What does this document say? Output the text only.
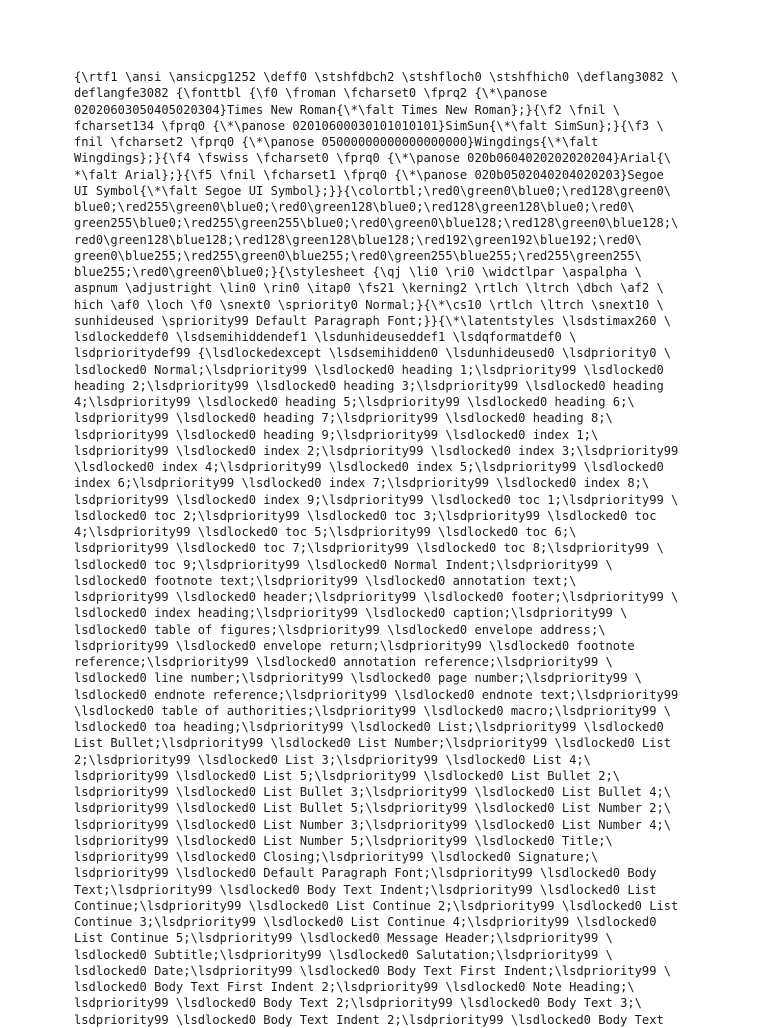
{\rtf1 \ansi \ansicpg1252 \deff0 \stshfdbch2 \stshfloch0 \stshfhich0 \deflang3082 \
deflangfe3082 {\fonttbl {\f0 \froman \fcharset0 \fprq2 {\*\panose
02020603050405020304}Times New Roman{\*\falt Times New Roman};}{\f2 \fnil \
fcharset134 \fprq0 {\*\panose 02010600030101010101}SimSun{\*\falt SimSun};}{\f3 \
fnil \fcharset2 \fprq0 {\*\panose 05000000000000000000}Wingdings{\*\falt
Wingdings};}{\f4 \fswiss \fcharset0 \fprq0 {\*\panose 020b0604020202020204}Arial{\
*\falt Arial};}{\f5 \fnil \fcharset1 \fprq0 {\*\panose 020b0502040204020203}Segoe
UI Symbol{\*\falt Segoe UI Symbol};}}{\colortbl;\red0\green0\blue0;\red128\green0\
blue0;\red255\green0\blue0;\red0\green128\blue0;\red128\green128\blue0;\red0\
green255\blue0;\red255\green255\blue0;\red0\green0\blue128;\red128\green0\blue128;\
red0\green128\blue128;\red128\green128\blue128;\red192\green192\blue192;\red0\
green0\blue255;\red255\green0\blue255;\red0\green255\blue255;\red255\green255\
blue255;\red0\green0\blue0;}{\stylesheet {\qj \li0 \ri0 \widctlpar \aspalpha \
aspnum \adjustright \lin0 \rin0 \itap0 \fs21 \kerning2 \rtlch \ltrch \dbch \af2 \
hich \af0 \loch \f0 \snext0 \spriority0 Normal;}{\*\cs10 \rtlch \ltrch \snext10 \
sunhideused \spriority99 Default Paragraph Font;}}{\*\latentstyles \lsdstimax260 \
lsdlockeddef0 \lsdsemihiddendef1 \lsdunhideuseddef1 \lsdqformatdef0 \
lsdprioritydef99 {\lsdlockedexcept \lsdsemihidden0 \lsdunhideused0 \lsdpriority0 \
lsdlocked0 Normal;\lsdpriority99 \lsdlocked0 heading 1;\lsdpriority99 \lsdlocked0
heading 2;\lsdpriority99 \lsdlocked0 heading 3;\lsdpriority99 \lsdlocked0 heading
4;\lsdpriority99 \lsdlocked0 heading 5;\lsdpriority99 \lsdlocked0 heading 6;\
lsdpriority99 \lsdlocked0 heading 7;\lsdpriority99 \lsdlocked0 heading 8;\
lsdpriority99 \lsdlocked0 heading 9;\lsdpriority99 \lsdlocked0 index 1;\
lsdpriority99 \lsdlocked0 index 2;\lsdpriority99 \lsdlocked0 index 3;\lsdpriority99
\lsdlocked0 index 4;\lsdpriority99 \lsdlocked0 index 5;\lsdpriority99 \lsdlocked0
index 6;\lsdpriority99 \lsdlocked0 index 7;\lsdpriority99 \lsdlocked0 index 8;\
lsdpriority99 \lsdlocked0 index 9;\lsdpriority99 \lsdlocked0 toc 1;\lsdpriority99 \
lsdlocked0 toc 2;\lsdpriority99 \lsdlocked0 toc 3;\lsdpriority99 \lsdlocked0 toc
4;\lsdpriority99 \lsdlocked0 toc 5;\lsdpriority99 \lsdlocked0 toc 6;\
lsdpriority99 \lsdlocked0 toc 7;\lsdpriority99 \lsdlocked0 toc 8;\lsdpriority99 \
lsdlocked0 toc 9;\lsdpriority99 \lsdlocked0 Normal Indent;\lsdpriority99 \
lsdlocked0 footnote text;\lsdpriority99 \lsdlocked0 annotation text;\
lsdpriority99 \lsdlocked0 header;\lsdpriority99 \lsdlocked0 footer;\lsdpriority99 \
lsdlocked0 index heading;\lsdpriority99 \lsdlocked0 caption;\lsdpriority99 \
lsdlocked0 table of figures;\lsdpriority99 \lsdlocked0 envelope address;\
lsdpriority99 \lsdlocked0 envelope return;\lsdpriority99 \lsdlocked0 footnote
reference;\lsdpriority99 \lsdlocked0 annotation reference;\lsdpriority99 \
lsdlocked0 line number;\lsdpriority99 \lsdlocked0 page number;\lsdpriority99 \
lsdlocked0 endnote reference;\lsdpriority99 \lsdlocked0 endnote text;\lsdpriority99
\lsdlocked0 table of authorities;\lsdpriority99 \lsdlocked0 macro;\lsdpriority99 \
lsdlocked0 toa heading;\lsdpriority99 \lsdlocked0 List;\lsdpriority99 \lsdlocked0
List Bullet;\lsdpriority99 \lsdlocked0 List Number;\lsdpriority99 \lsdlocked0 List
2;\lsdpriority99 \lsdlocked0 List 3;\lsdpriority99 \lsdlocked0 List 4;\
lsdpriority99 \lsdlocked0 List 5;\lsdpriority99 \lsdlocked0 List Bullet 2;\
lsdpriority99 \lsdlocked0 List Bullet 3;\lsdpriority99 \lsdlocked0 List Bullet 4;\
lsdpriority99 \lsdlocked0 List Bullet 5;\lsdpriority99 \lsdlocked0 List Number 2;\
lsdpriority99 \lsdlocked0 List Number 3;\lsdpriority99 \lsdlocked0 List Number 4;\
lsdpriority99 \lsdlocked0 List Number 5;\lsdpriority99 \lsdlocked0 Title;\
lsdpriority99 \lsdlocked0 Closing;\lsdpriority99 \lsdlocked0 Signature;\
lsdpriority99 \lsdlocked0 Default Paragraph Font;\lsdpriority99 \lsdlocked0 Body
Text;\lsdpriority99 \lsdlocked0 Body Text Indent;\lsdpriority99 \lsdlocked0 List
Continue;\lsdpriority99 \lsdlocked0 List Continue 2;\lsdpriority99 \lsdlocked0 List
Continue 3;\lsdpriority99 \lsdlocked0 List Continue 4;\lsdpriority99 \lsdlocked0
List Continue 5;\lsdpriority99 \lsdlocked0 Message Header;\lsdpriority99 \
lsdlocked0 Subtitle;\lsdpriority99 \lsdlocked0 Salutation;\lsdpriority99 \
lsdlocked0 Date;\lsdpriority99 \lsdlocked0 Body Text First Indent;\lsdpriority99 \
lsdlocked0 Body Text First Indent 2;\lsdpriority99 \lsdlocked0 Note Heading;\
lsdpriority99 \lsdlocked0 Body Text 2;\lsdpriority99 \lsdlocked0 Body Text 3;\
lsdpriority99 \lsdlocked0 Body Text Indent 2;\lsdpriority99 \lsdlocked0 Body Text
